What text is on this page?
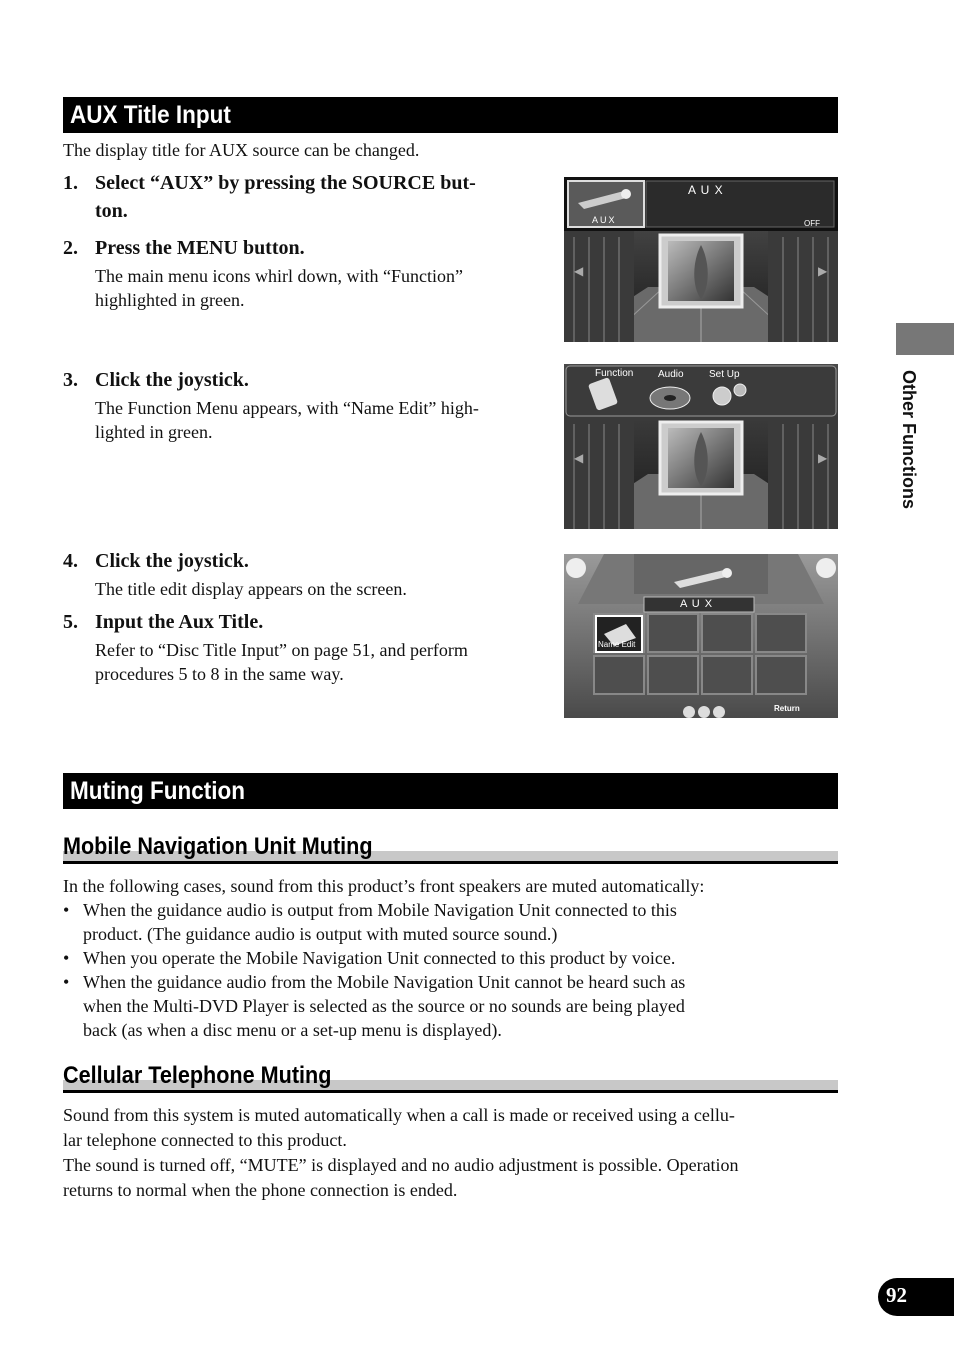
AUX Title Input
The display title for AUX source can be changed.
1. Select “AUX” by pressing the SOURCE but-
ton.
2. Press the MENU button.
The main menu icons whirl down, with “Function”
highlighted in green.
3. Click the joystick.
The Function Menu appears, with “Name Edit” high-
lighted in green.
4. Click the joystick.
The title edit display appears on the screen.
5. Input the Aux Title.
Refer to “Disc Title Input” on page 51, and perform
procedures 5 to 8 in the same way.
◀	▶
AUX
A U X
OFF
◀	▶
Function Audio	Set Up
A U X
Name Edit
Return
Muting Function
Mobile Navigation Unit Muting
In the following cases, sound from this product’s front speakers are muted automatically:
• When the guidance audio is output from Mobile Navigation Unit connected to this
product. (The guidance audio is output with muted source sound.)
• When you operate the Mobile Navigation Unit connected to this product by voice.
• When the guidance audio from the Mobile Navigation Unit cannot be heard such as
when the Multi-DVD Player is selected as the source or no sounds are being played
back (as when a disc menu or a set-up menu is displayed).
Cellular Telephone Muting
Sound from this system is muted automatically when a call is made or received using a cellu-
lar telephone connected to this product.
The sound is turned off, “MUTE” is displayed and no audio adjustment is possible. Operation
returns to normal when the phone connection is ended.
Other Functions
92
